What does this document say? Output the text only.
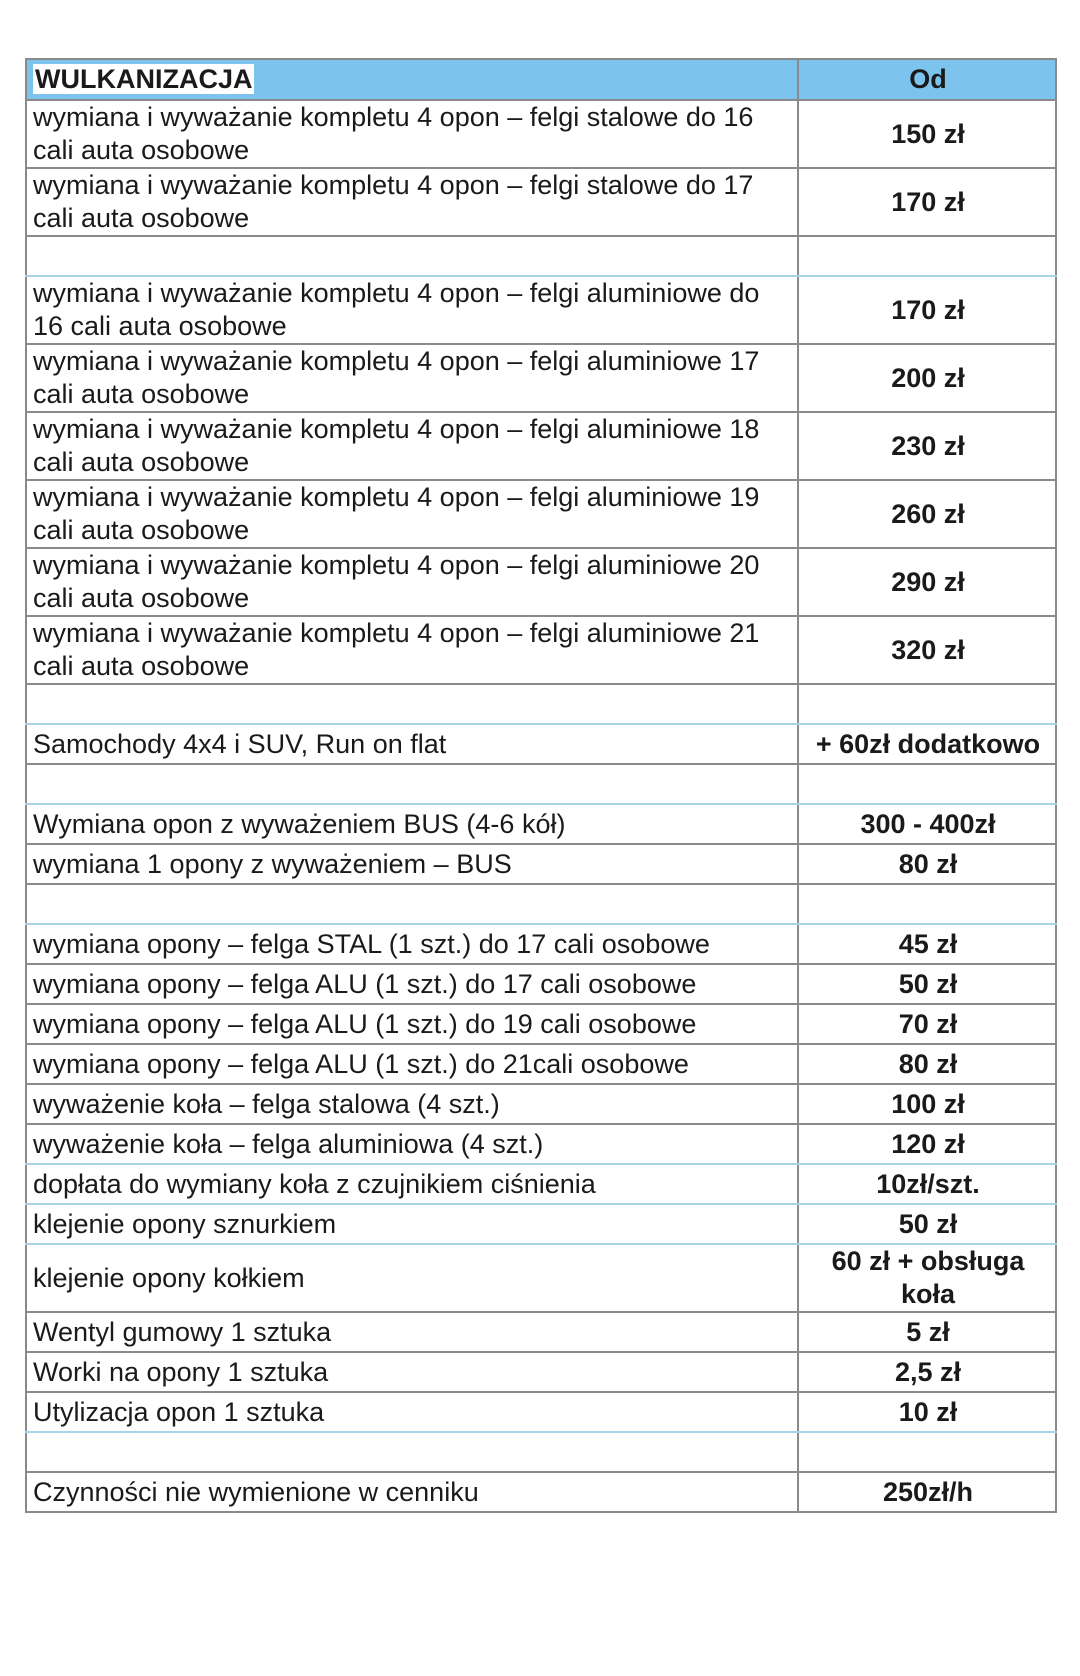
WULKANIZACJA	Od
wymiana i wyważanie kompletu 4 opon – felgi stalowe do 16 cali auta osobowe	150 zł
wymiana i wyważanie kompletu 4 opon – felgi stalowe do 17 cali auta osobowe	170 zł

wymiana i wyważanie kompletu 4 opon – felgi aluminiowe do 16 cali auta osobowe	170 zł
wymiana i wyważanie kompletu 4 opon – felgi aluminiowe 17 cali auta osobowe	200 zł
wymiana i wyważanie kompletu 4 opon – felgi aluminiowe 18 cali auta osobowe	230 zł
wymiana i wyważanie kompletu 4 opon – felgi aluminiowe 19 cali auta osobowe	260 zł
wymiana i wyważanie kompletu 4 opon – felgi aluminiowe 20 cali auta osobowe	290 zł
wymiana i wyważanie kompletu 4 opon – felgi aluminiowe 21 cali auta osobowe	320 zł

Samochody 4x4 i SUV, Run on flat	+ 60zł dodatkowo

Wymiana opon z wyważeniem BUS (4-6 kół)	300 - 400zł
wymiana 1 opony z wyważeniem – BUS	80 zł

wymiana opony – felga STAL (1 szt.) do 17 cali osobowe	45 zł
wymiana opony – felga ALU (1 szt.) do 17 cali osobowe	50 zł
wymiana opony – felga ALU (1 szt.) do 19 cali osobowe	70 zł
wymiana opony – felga ALU (1 szt.) do 21cali osobowe	80 zł
wyważenie koła – felga stalowa (4 szt.)	100 zł
wyważenie koła – felga aluminiowa (4 szt.)	120 zł
dopłata do wymiany koła z czujnikiem ciśnienia	10zł/szt.
klejenie opony sznurkiem	50 zł
klejenie opony kołkiem	60 zł + obsługa koła
Wentyl gumowy 1 sztuka	5 zł
Worki na opony 1 sztuka	2,5 zł
Utylizacja opon 1 sztuka	10 zł

Czynności nie wymienione w cenniku	250zł/h
